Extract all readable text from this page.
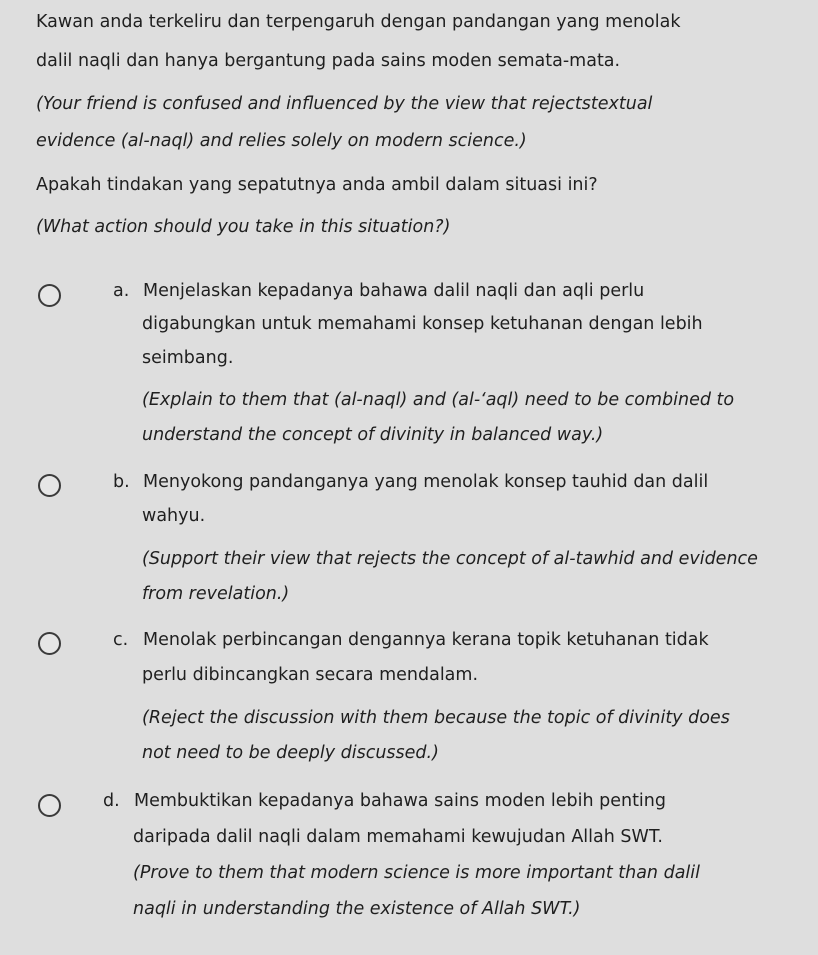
Kawan anda terkeliru dan terpengaruh dengan pandangan yang menolak
dalil naqli dan hanya bergantung pada sains moden semata-mata.
(Your friend is confused and influenced by the view that rejectstextual
evidence (al-naql) and relies solely on modern science.)
Apakah tindakan yang sepatutnya anda ambil dalam situasi ini?
(What action should you take in this situation?)
a. Menjelaskan kepadanya bahawa dalil naqli dan aqli perlu
digabungkan untuk memahami konsep ketuhanan dengan lebih
seimbang.
(Explain to them that (al-naql) and (al-‘aql) need to be combined to
understand the concept of divinity in balanced way.)
b. Menyokong pandanganya yang menolak konsep tauhid dan dalil
wahyu.
(Support their view that rejects the concept of al-tawhid and evidence
from revelation.)
c. Menolak perbincangan dengannya kerana topik ketuhanan tidak
perlu dibincangkan secara mendalam.
(Reject the discussion with them because the topic of divinity does
not need to be deeply discussed.)
d. Membuktikan kepadanya bahawa sains moden lebih penting
daripada dalil naqli dalam memahami kewujudan Allah SWT.
(Prove to them that modern science is more important than dalil
naqli in understanding the existence of Allah SWT.)
